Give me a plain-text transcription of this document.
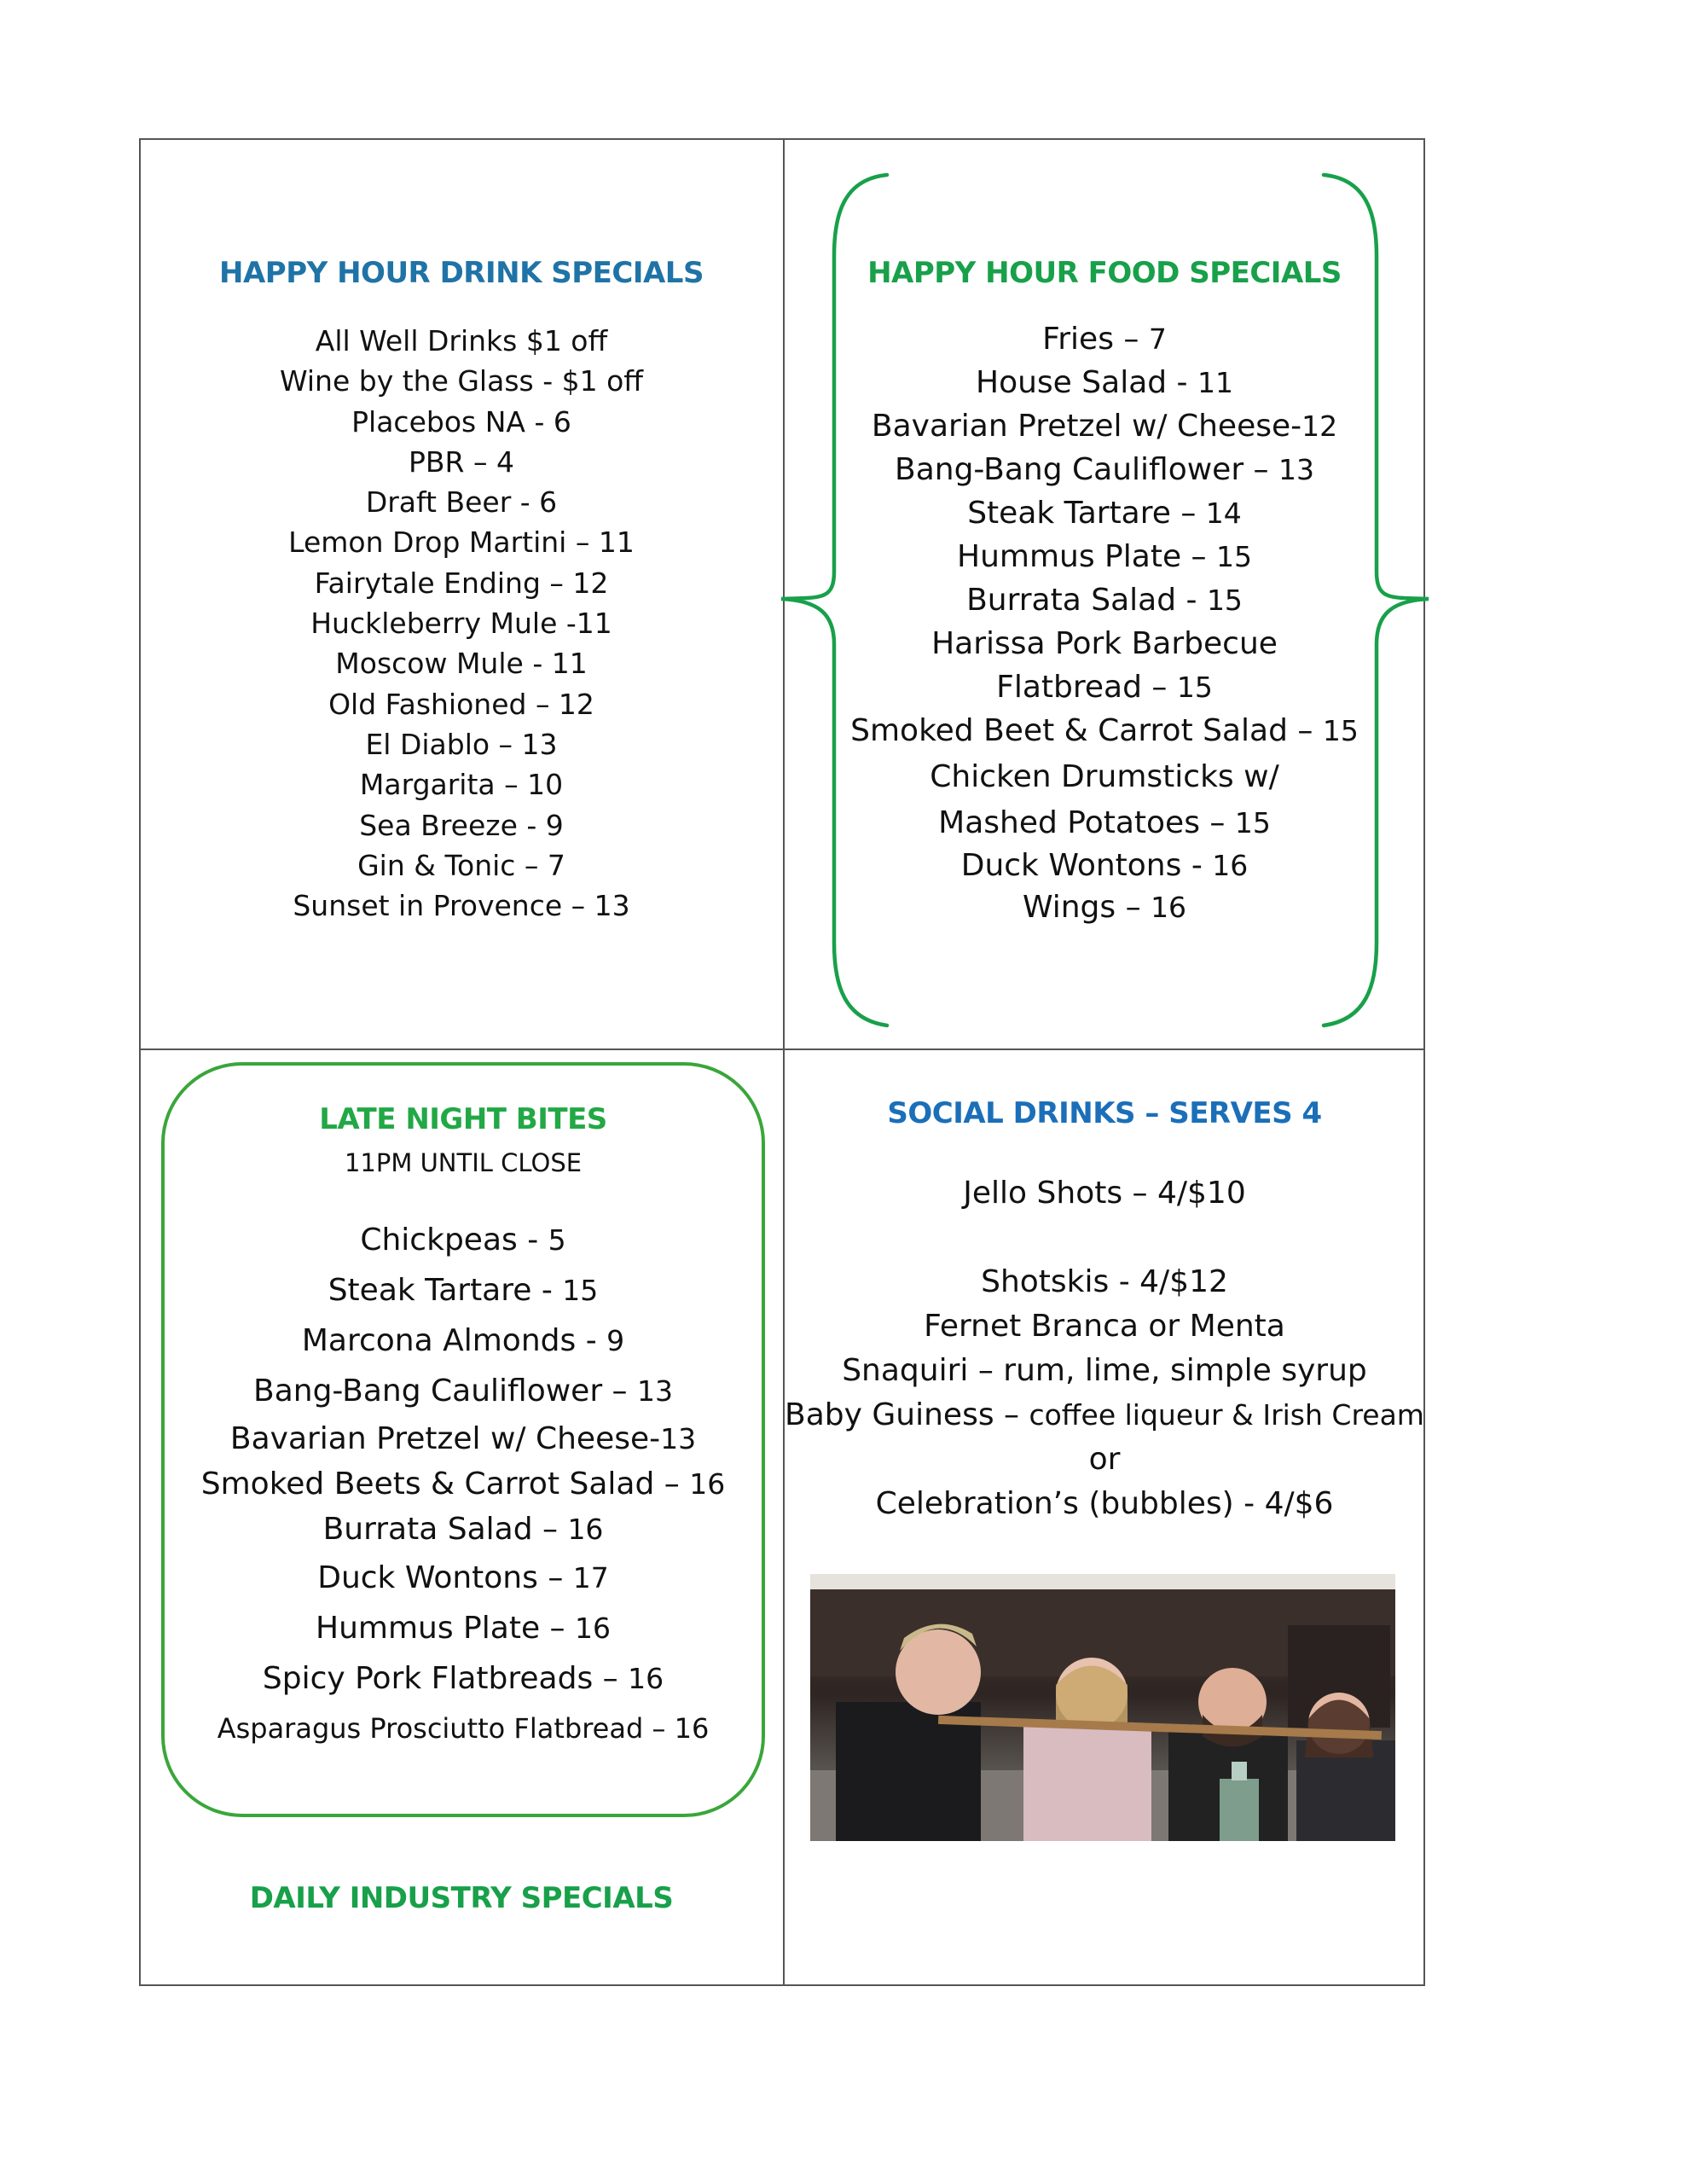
HAPPY HOUR DRINK SPECIALS
All Well Drinks $1 off
Wine by the Glass - $1 off
Placebos NA - 6
PBR – 4
Draft Beer - 6
Lemon Drop Martini – 11
Fairytale Ending – 12
Huckleberry Mule -11
Moscow Mule - 11
Old Fashioned – 12
El Diablo – 13
Margarita – 10
Sea Breeze - 9
Gin & Tonic – 7
Sunset in Provence – 13
HAPPY HOUR FOOD SPECIALS
Fries – 7
House Salad - 11
Bavarian Pretzel w/ Cheese-12
Bang-Bang Cauliflower – 13
Steak Tartare – 14
Hummus Plate – 15
Burrata Salad - 15
Harissa Pork Barbecue
Flatbread – 15
Smoked Beet & Carrot Salad – 15
Chicken Drumsticks w/
Mashed Potatoes – 15
Duck Wontons - 16
Wings – 16
LATE NIGHT BITES
11PM UNTIL CLOSE
Chickpeas - 5
Steak Tartare - 15
Marcona Almonds - 9
Bang-Bang Cauliflower – 13
Bavarian Pretzel w/ Cheese-13
Smoked Beets & Carrot Salad – 16
Burrata Salad – 16
Duck Wontons – 17
Hummus Plate – 16
Spicy Pork Flatbreads – 16
Asparagus Prosciutto Flatbread – 16
DAILY INDUSTRY SPECIALS
SOCIAL DRINKS – SERVES 4
Jello Shots – 4/$10

Shotskis - 4/$12
Fernet Branca or Menta
Snaquiri – rum, lime, simple syrup
Baby Guiness – coffee liqueur & Irish Cream
or
Celebration’s (bubbles) - 4/$6
